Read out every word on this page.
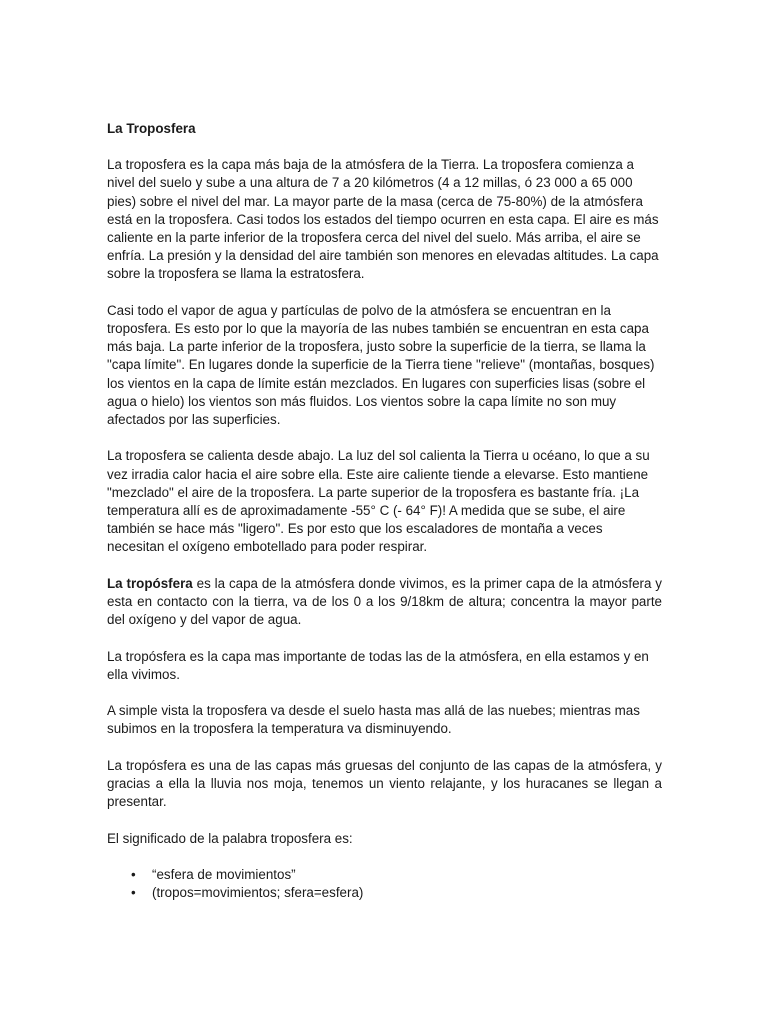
La Troposfera

La troposfera es la capa más baja de la atmósfera de la Tierra. La troposfera comienza a nivel del suelo y sube a una altura de 7 a 20 kilómetros (4 a 12 millas, ó 23 000 a 65 000 pies) sobre el nivel del mar. La mayor parte de la masa (cerca de 75-80%) de la atmósfera está en la troposfera. Casi todos los estados del tiempo ocurren en esta capa. El aire es más caliente en la parte inferior de la troposfera cerca del nivel del suelo. Más arriba, el aire se enfría. La presión y la densidad del aire también son menores en elevadas altitudes. La capa sobre la troposfera se llama la estratosfera.

Casi todo el vapor de agua y partículas de polvo de la atmósfera se encuentran en la troposfera. Es esto por lo que la mayoría de las nubes también se encuentran en esta capa más baja. La parte inferior de la troposfera, justo sobre la superficie de la tierra, se llama la "capa límite". En lugares donde la superficie de la Tierra tiene "relieve" (montañas, bosques) los vientos en la capa de límite están mezclados. En lugares con superficies lisas (sobre el agua o hielo) los vientos son más fluidos. Los vientos sobre la capa límite no son muy afectados por las superficies.

La troposfera se calienta desde abajo. La luz del sol calienta la Tierra u océano, lo que a su vez irradia calor hacia el aire sobre ella. Este aire caliente tiende a elevarse. Esto mantiene "mezclado" el aire de la troposfera. La parte superior de la troposfera es bastante fría. ¡La temperatura allí es de aproximadamente -55° C (- 64° F)! A medida que se sube, el aire también se hace más "ligero". Es por esto que los escaladores de montaña a veces necesitan el oxígeno embotellado para poder respirar.

La tropósfera es la capa de la atmósfera donde vivimos, es la primer capa de la atmósfera y esta en contacto con la tierra, va de los 0 a los 9/18km de altura; concentra la mayor parte del oxígeno y del vapor de agua.

La tropósfera es la capa mas importante de todas las de la atmósfera, en ella estamos y en ella vivimos.

A simple vista la troposfera va desde el suelo hasta mas allá de las nuebes; mientras mas subimos en la troposfera la temperatura va disminuyendo.

La tropósfera es una de las capas más gruesas del conjunto de las capas de la atmósfera, y gracias a ella la lluvia nos moja, tenemos un viento relajante, y los huracanes se llegan a presentar.

El significado de la palabra troposfera es:

• “esfera de movimientos”
• (tropos=movimientos; sfera=esfera)
